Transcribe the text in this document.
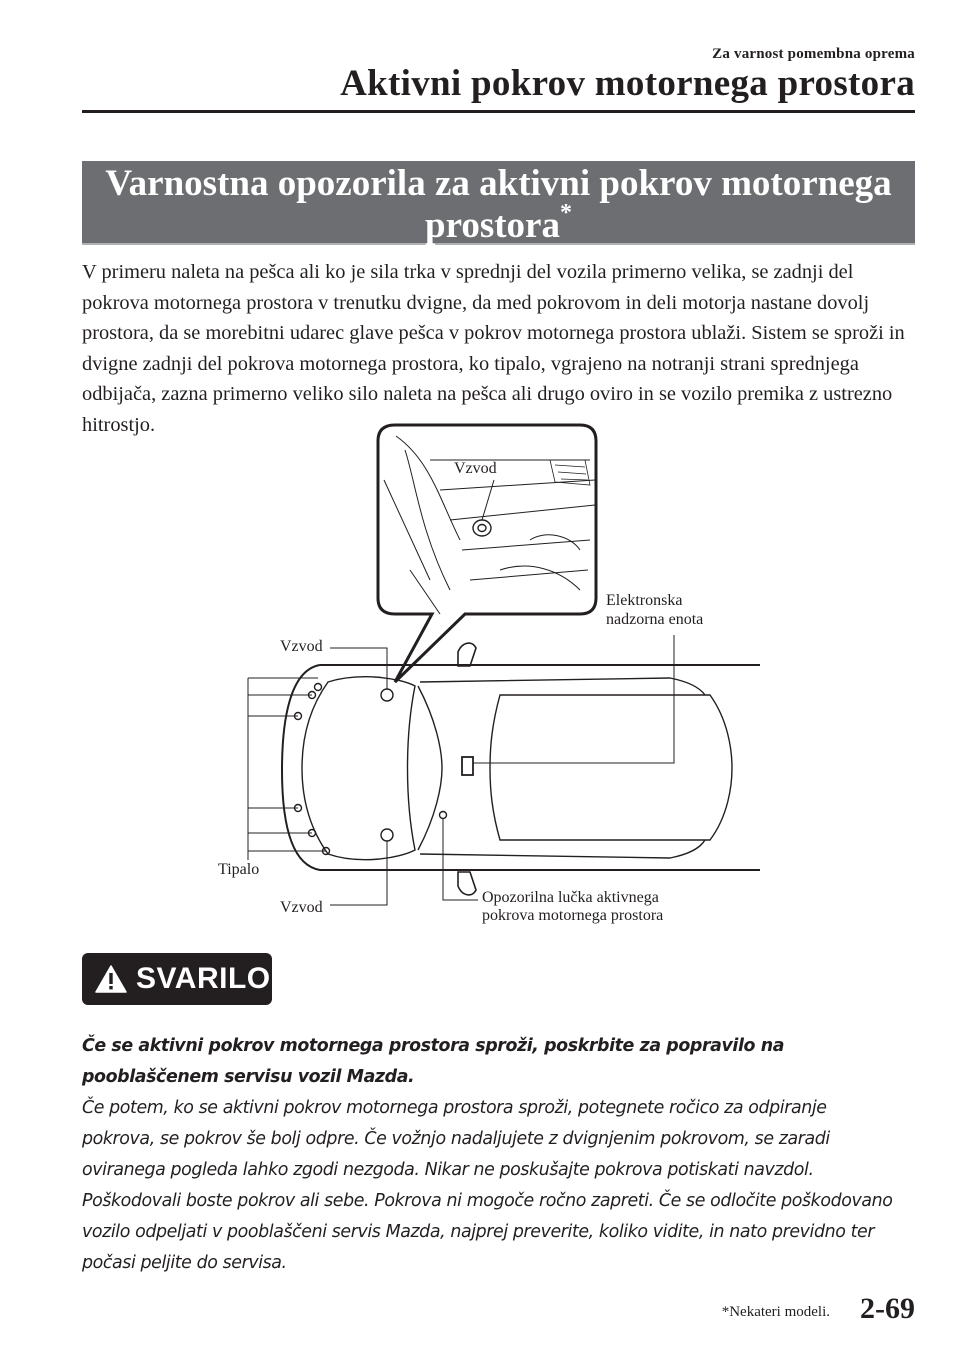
Za varnost pomembna oprema
Aktivni pokrov motornega prostora
Varnostna opozorila za aktivni pokrov motornega prostora*
V primeru naleta na pešca ali ko je sila trka v sprednji del vozila primerno velika, se zadnji del pokrova motornega prostora v trenutku dvigne, da med pokrovom in deli motorja nastane dovolj prostora, da se morebitni udarec glave pešca v pokrov motornega prostora ublaži. Sistem se sproži in dvigne zadnji del pokrova motornega prostora, ko tipalo, vgrajeno na notranji strani sprednjega odbijača, zazna primerno veliko silo naleta na pešca ali drugo oviro in se vozilo premika z ustrezno hitrostjo.
Vzvod
Elektronska
nadzorna enota
Vzvod
Tipalo
Vzvod
Opozorilna lučka aktivnega
pokrova motornega prostora
SVARILO
Če se aktivni pokrov motornega prostora sproži, poskrbite za popravilo na pooblaščenem servisu vozil Mazda.
Če potem, ko se aktivni pokrov motornega prostora sproži, potegnete ročico za odpiranje pokrova, se pokrov še bolj odpre. Če vožnjo nadaljujete z dvignjenim pokrovom, se zaradi oviranega pogleda lahko zgodi nezgoda. Nikar ne poskušajte pokrova potiskati navzdol. Poškodovali boste pokrov ali sebe. Pokrova ni mogoče ročno zapreti. Če se odločite poškodovano vozilo odpeljati v pooblaščeni servis Mazda, najprej preverite, koliko vidite, in nato previdno ter počasi peljite do servisa.
*Nekateri modeli. 2-69
